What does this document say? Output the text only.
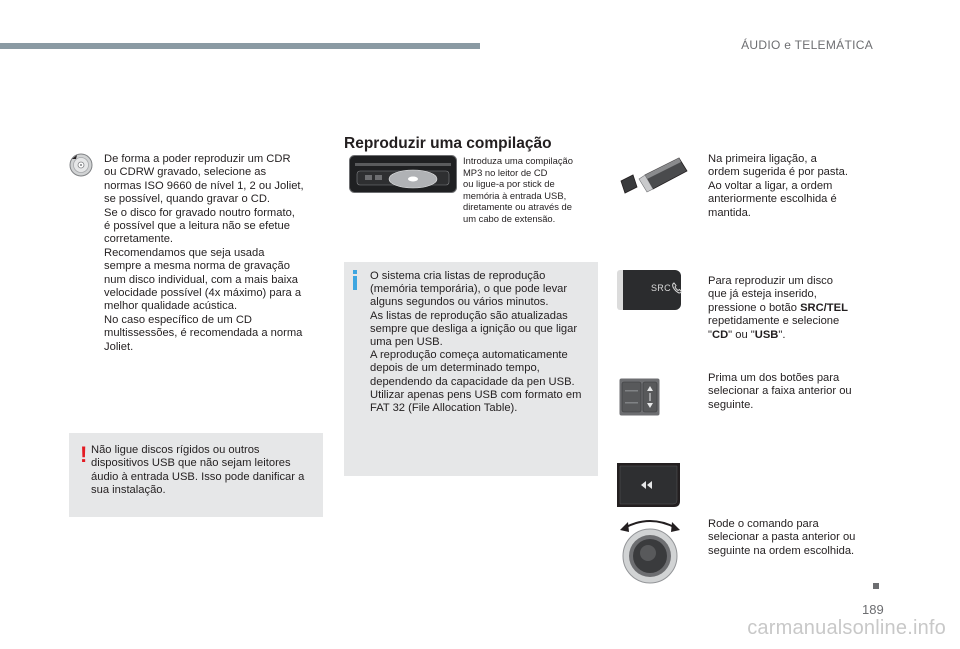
ÁUDIO e TELEMÁTICA
De forma a poder reproduzir um CDR
ou CDRW gravado, selecione as
normas ISO 9660 de nível 1, 2 ou Joliet,
se possível, quando gravar o CD.
Se o disco for gravado noutro formato,
é possível que a leitura não se efetue
corretamente.
Recomendamos que seja usada
sempre a mesma norma de gravação
num disco individual, com a mais baixa
velocidade possível (4x máximo) para a
melhor qualidade acústica.
No caso específico de um CD
multissessões, é recomendada a norma
Joliet.
! Não ligue discos rígidos ou outros dispositivos USB que não sejam leitores áudio à entrada USB. Isso pode danificar a sua instalação.
Reproduzir uma compilação
Introduza uma compilação
MP3 no leitor de CD
ou ligue-a por stick de
memória à entrada USB,
diretamente ou através de
um cabo de extensão.
O sistema cria listas de reprodução
(memória temporária), o que pode levar
alguns segundos ou vários minutos.
As listas de reprodução são atualizadas
sempre que desliga a ignição ou que ligar
uma pen USB.
A reprodução começa automaticamente
depois de um determinado tempo,
dependendo da capacidade da pen USB.
Utilizar apenas pens USB com formato em
FAT 32 (File Allocation Table).
Na primeira ligação, a
ordem sugerida é por pasta.
Ao voltar a ligar, a ordem
anteriormente escolhida é
mantida.
SRC
Para reproduzir um disco
que já esteja inserido,
pressione o botão SRC/TEL
repetidamente e selecione
"CD" ou "USB".
Prima um dos botões para
selecionar a faixa anterior ou
seguinte.
Rode o comando para
selecionar a pasta anterior ou
seguinte na ordem escolhida.
189
carmanualsonline.info
